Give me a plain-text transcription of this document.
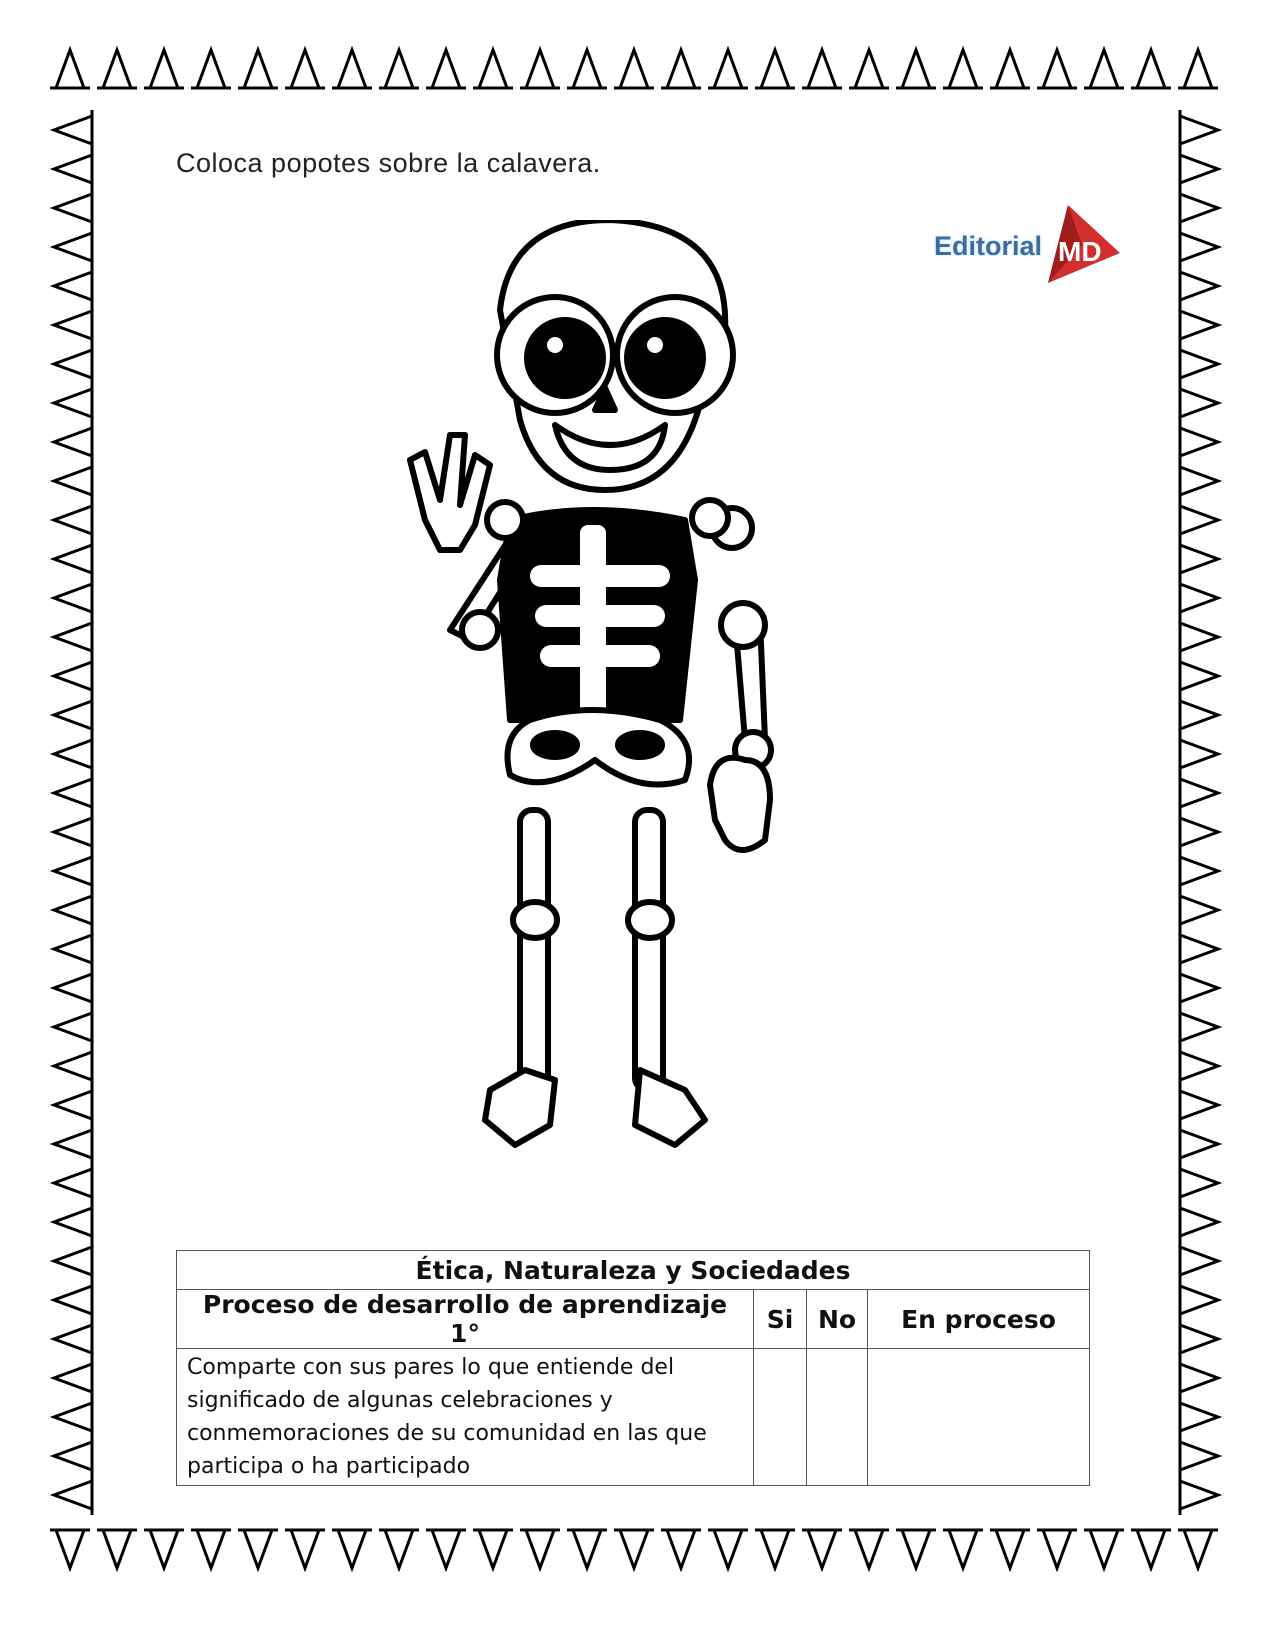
Coloca popotes sobre la calavera.
Editorial MD
Ética, Naturaleza y Sociedades			
Proceso de desarrollo de aprendizaje 1°	Si	No	En proceso
Comparte con sus pares lo que entiende del significado de algunas celebraciones y conmemoraciones de su comunidad en las que participa o ha participado			
